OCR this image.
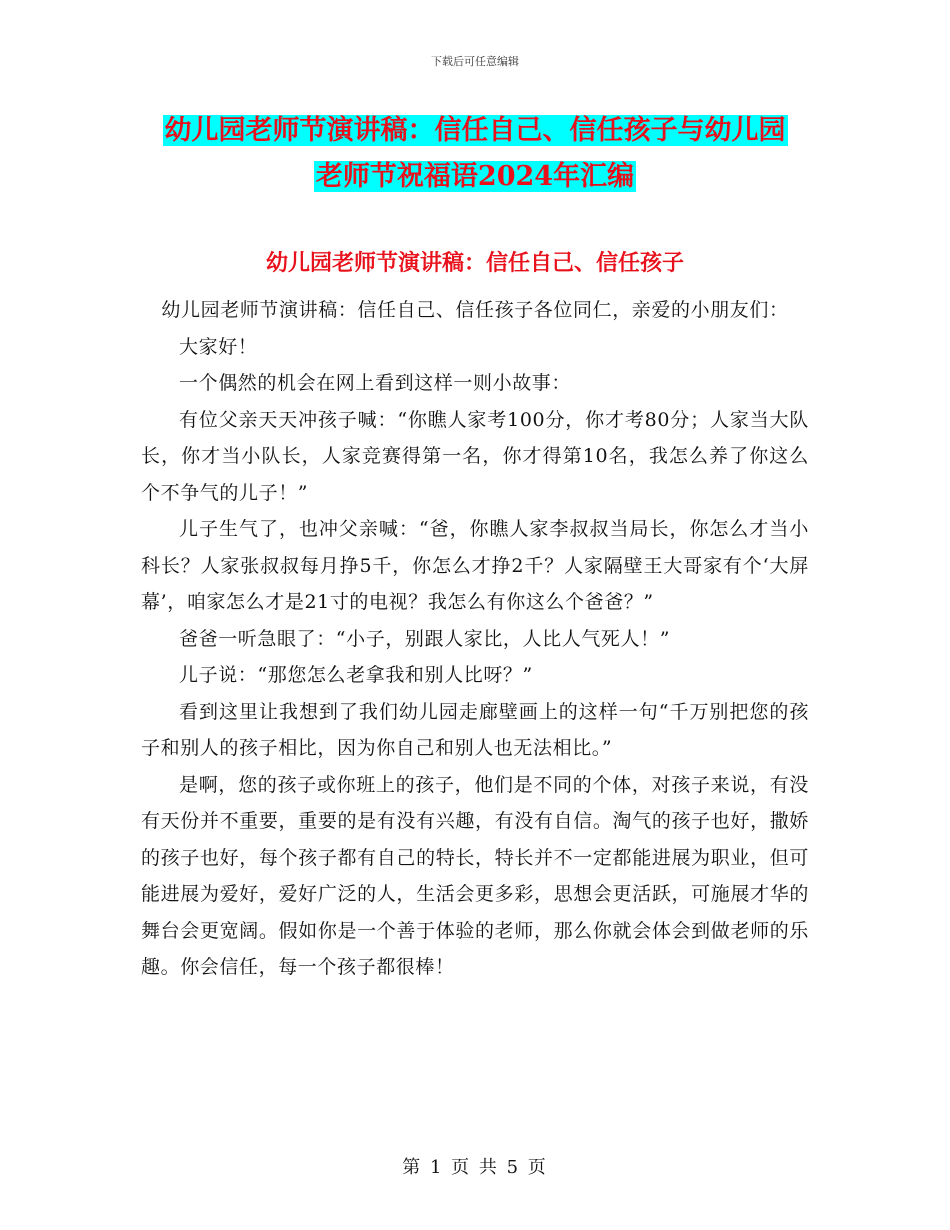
下载后可任意编辑
幼儿园老师节演讲稿：信任自己、信任孩子与幼儿园
老师节祝福语2024年汇编
幼儿园老师节演讲稿：信任自己、信任孩子

幼儿园老师节演讲稿：信任自己、信任孩子各位同仁，亲爱的小朋友们：

大家好！

一个偶然的机会在网上看到这样一则小故事：

有位父亲天天冲孩子喊：“你瞧人家考100分，你才考80分；人家当大队长，你才当小队长，人家竞赛得第一名，你才得第10名，我怎么养了你这么个不争气的儿子！”

儿子生气了，也冲父亲喊：“爸，你瞧人家李叔叔当局长，你怎么才当小科长？人家张叔叔每月挣5千，你怎么才挣2千？人家隔壁王大哥家有个‘大屏幕’，咱家怎么才是21寸的电视？我怎么有你这么个爸爸？”

爸爸一听急眼了：“小子，别跟人家比，人比人气死人！”

儿子说：“那您怎么老拿我和别人比呀？”

看到这里让我想到了我们幼儿园走廊壁画上的这样一句“千万别把您的孩子和别人的孩子相比，因为你自己和别人也无法相比。”

是啊，您的孩子或你班上的孩子，他们是不同的个体，对孩子来说，有没有天份并不重要，重要的是有没有兴趣，有没有自信。淘气的孩子也好，撒娇的孩子也好，每个孩子都有自己的特长，特长并不一定都能进展为职业，但可能进展为爱好，爱好广泛的人，生活会更多彩，思想会更活跃，可施展才华的舞台会更宽阔。假如你是一个善于体验的老师，那么你就会体会到做老师的乐趣。你会信任，每一个孩子都很棒！

第 1 页 共 5 页
